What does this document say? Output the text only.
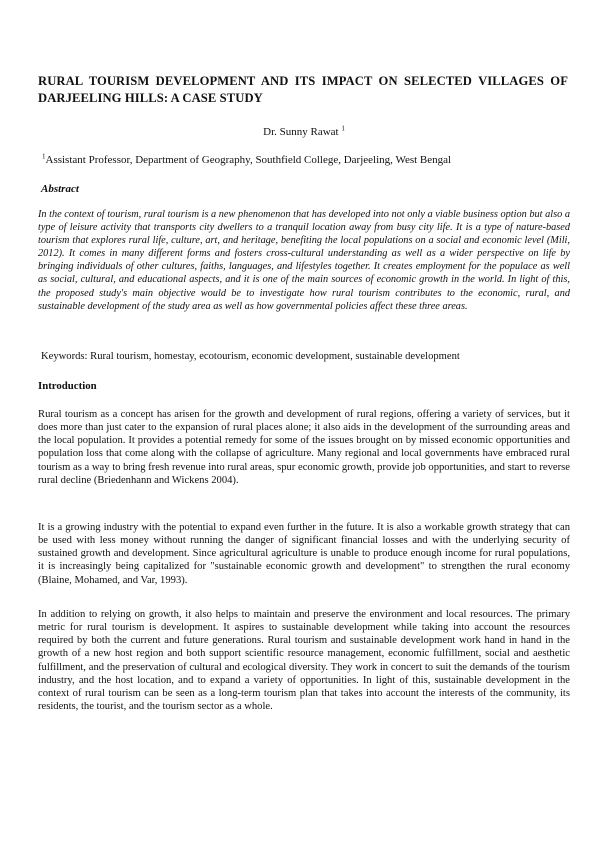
RURAL TOURISM DEVELOPMENT AND ITS IMPACT ON SELECTED VILLAGES OF DARJEELING HILLS: A CASE STUDY

Dr. Sunny Rawat $^1$

$^1$Assistant Professor, Department of Geography, Southfield College, Darjeeling, West Bengal

Abstract

In the context of tourism, rural tourism is a new phenomenon that has developed into not only a viable business option but also a type of leisure activity that transports city dwellers to a tranquil location away from busy city life. It is a type of nature-based tourism that explores rural life, culture, art, and heritage, benefiting the local populations on a social and economic level (Mili, 2012). It comes in many different forms and fosters cross-cultural understanding as well as a wider perspective on life by bringing individuals of other cultures, faiths, languages, and lifestyles together. It creates employment for the populace as well as social, cultural, and educational aspects, and it is one of the main sources of economic growth in the world. In light of this, the proposed study's main objective would be to investigate how rural tourism contributes to the economic, rural, and sustainable development of the study area as well as how governmental policies affect these three areas.

Keywords: Rural tourism, homestay, ecotourism, economic development, sustainable development

Introduction

Rural tourism as a concept has arisen for the growth and development of rural regions, offering a variety of services, but it does more than just cater to the expansion of rural places alone; it also aids in the development of the surrounding areas and the local population. It provides a potential remedy for some of the issues brought on by missed economic opportunities and population loss that come along with the collapse of agriculture. Many regional and local governments have embraced rural tourism as a way to bring fresh revenue into rural areas, spur economic growth, provide job opportunities, and start to reverse rural decline (Briedenhann and Wickens 2004).

It is a growing industry with the potential to expand even further in the future. It is also a workable growth strategy that can be used with less money without running the danger of significant financial losses and with the underlying security of sustained growth and development. Since agricultural agriculture is unable to produce enough income for rural populations, it is increasingly being capitalized for "sustainable economic growth and development" to strengthen the rural economy (Blaine, Mohamed, and Var, 1993).

In addition to relying on growth, it also helps to maintain and preserve the environment and local resources. The primary metric for rural tourism is development. It aspires to sustainable development while taking into account the resources required by both the current and future generations. Rural tourism and sustainable development work hand in hand in the growth of a new host region and both support scientific resource management, economic fulfillment, social and aesthetic fulfillment, and the preservation of cultural and ecological diversity. They work in concert to suit the demands of the tourism industry, and the host location, and to expand a variety of opportunities. In light of this, sustainable development in the context of rural tourism can be seen as a long-term tourism plan that takes into account the interests of the community, its residents, the tourist, and the tourism sector as a whole.
